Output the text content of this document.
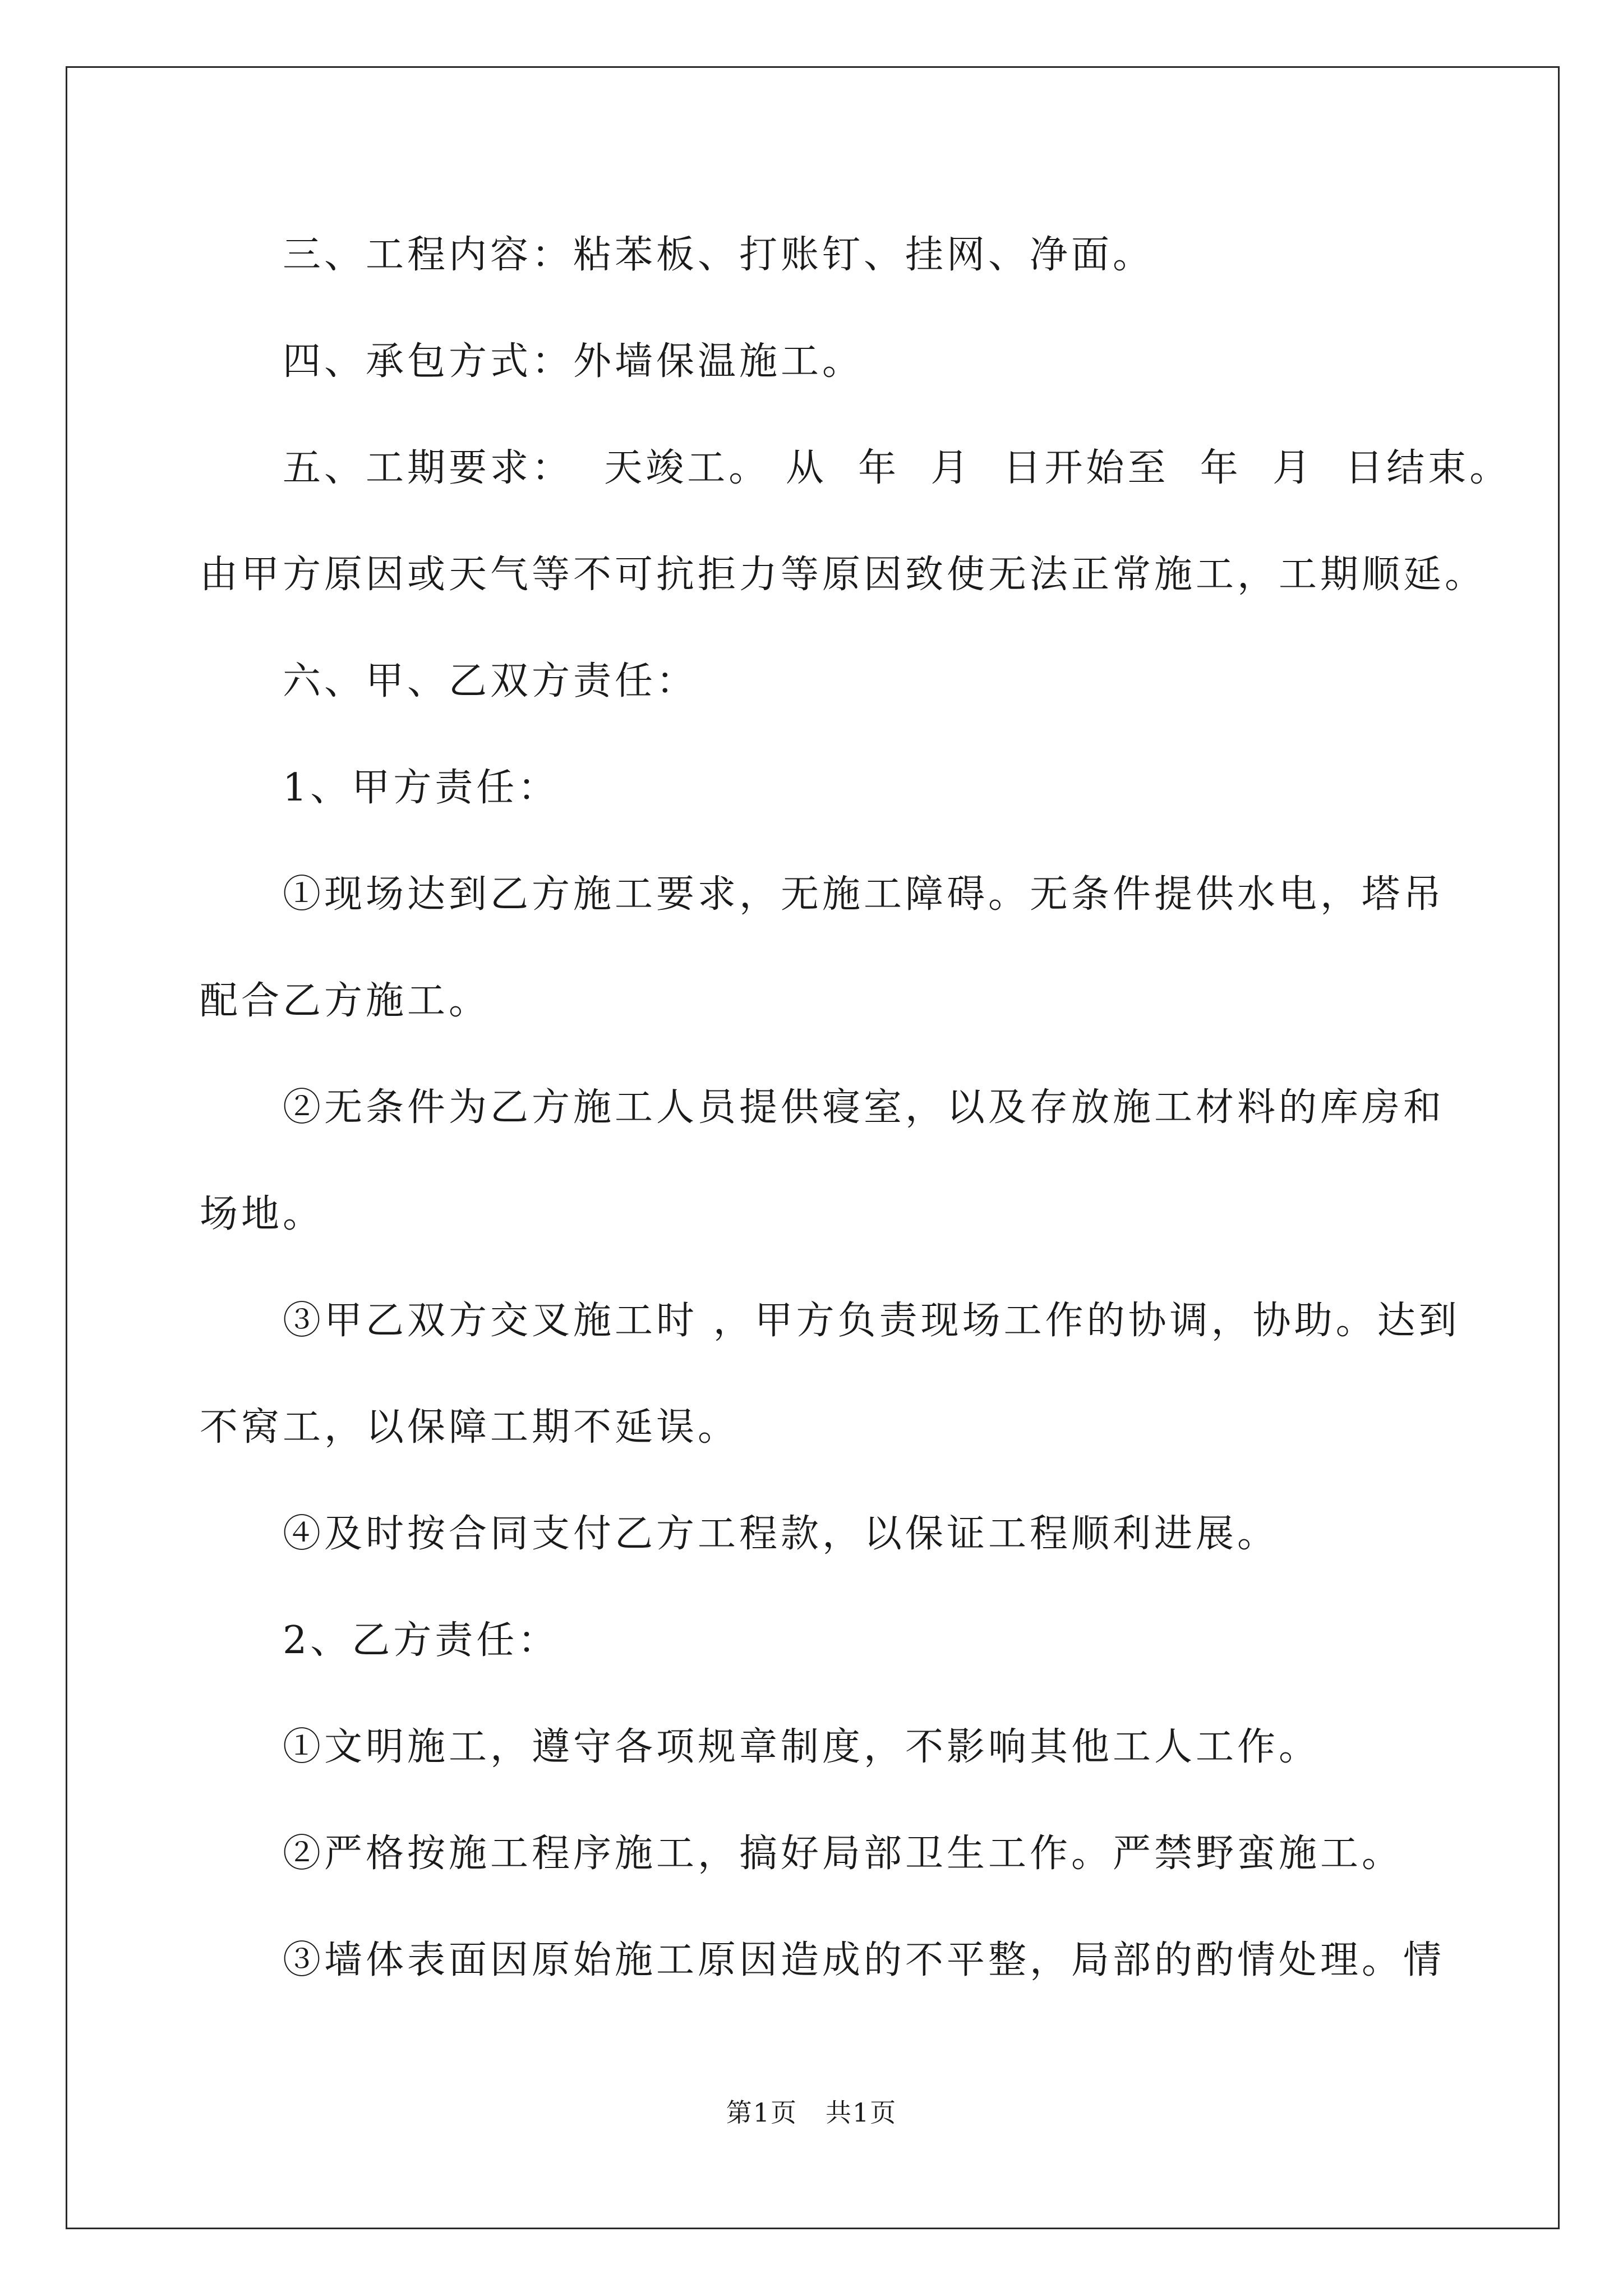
三、工程内容：粘苯板、打账钉、挂网、净面。
四、承包方式：外墙保温施工。
五、工期要求：  天竣工。 从  年  月  日开始至  年  月  日结束。
由甲方原因或天气等不可抗拒力等原因致使无法正常施工，工期顺延。
六、甲、乙双方责任：
1、甲方责任：
①现场达到乙方施工要求，无施工障碍。无条件提供水电，塔吊
配合乙方施工。
②无条件为乙方施工人员提供寝室，以及存放施工材料的库房和
场地。
③甲乙双方交叉施工时 ，甲方负责现场工作的协调，协助。达到
不窝工，以保障工期不延误。
④及时按合同支付乙方工程款，以保证工程顺利进展。
2、乙方责任：
①文明施工，遵守各项规章制度，不影响其他工人工作。
②严格按施工程序施工，搞好局部卫生工作。严禁野蛮施工。
③墙体表面因原始施工原因造成的不平整，局部的酌情处理。情
第1页 共1页
